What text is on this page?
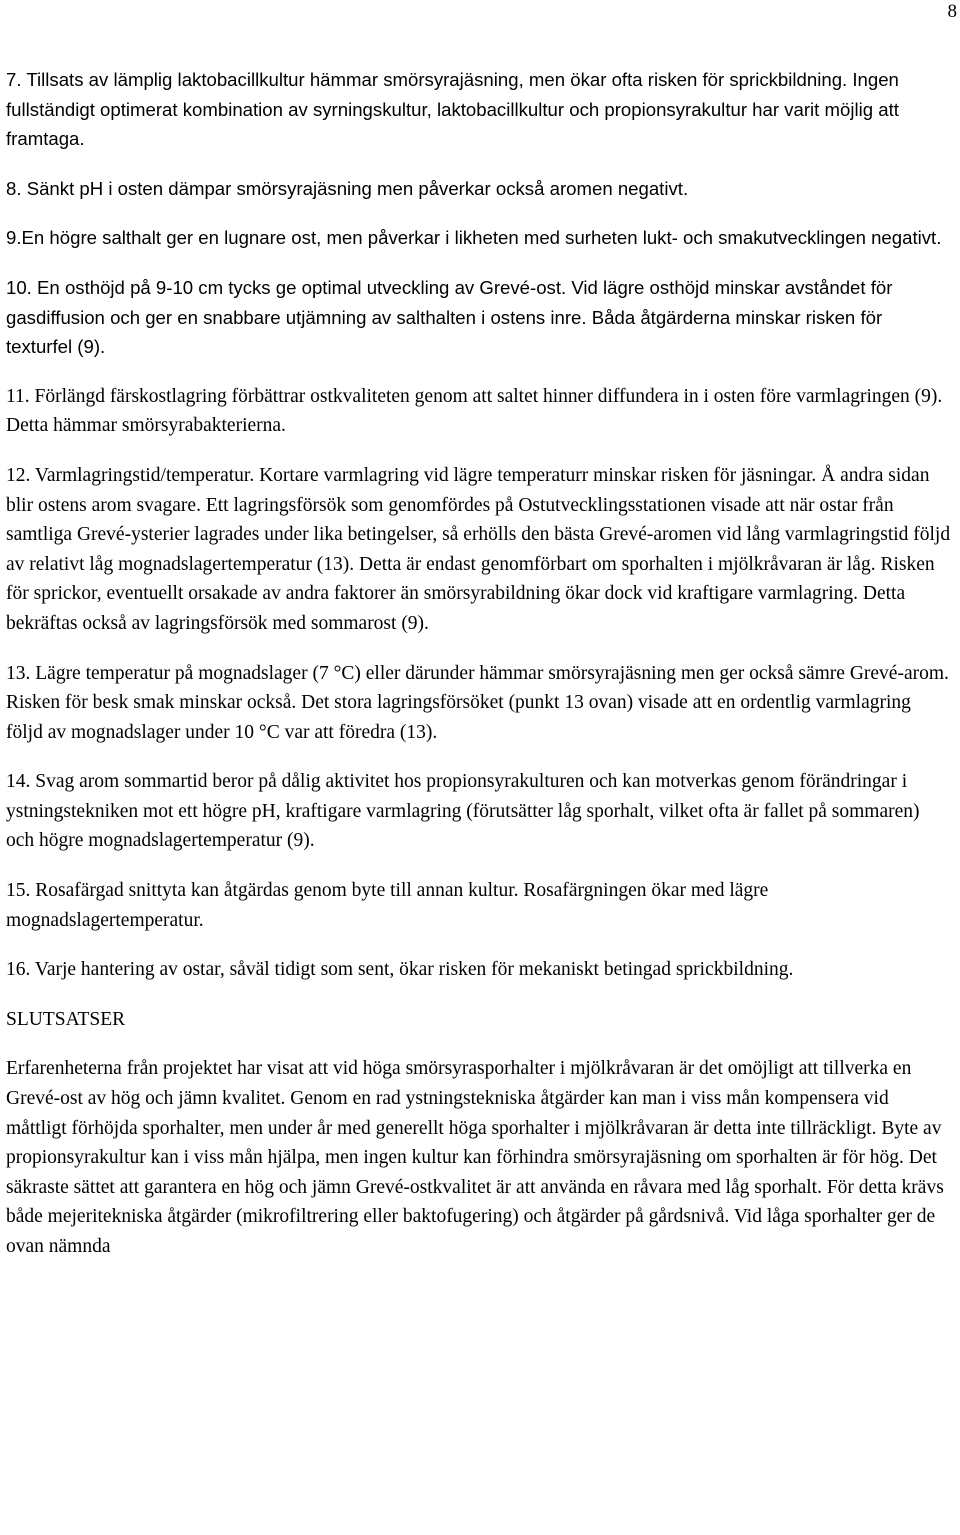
8

7. Tillsats av lämplig laktobacillkultur hämmar smörsyrajäsning, men ökar ofta risken för sprickbildning. Ingen fullständigt optimerat kombination av syrningskultur, laktobacillkultur och propionsyrakultur har varit möjlig att framtaga.

8. Sänkt pH i osten dämpar smörsyrajäsning men påverkar också aromen negativt.

9.En högre salthalt ger en lugnare ost, men påverkar i likheten med surheten lukt- och smakutvecklingen negativt.

10. En osthöjd på 9-10 cm tycks ge optimal utveckling av Grevé-ost. Vid lägre osthöjd minskar avståndet för gasdiffusion och ger en snabbare utjämning av salthalten i ostens inre. Båda åtgärderna minskar risken för texturfel (9).

11. Förlängd färskostlagring förbättrar ostkvaliteten genom att saltet hinner diffundera in i osten före varmlagringen (9). Detta hämmar smörsyrabakterierna.

12. Varmlagringstid/temperatur. Kortare varmlagring vid lägre temperaturr minskar risken för jäsningar. Å andra sidan blir ostens arom svagare. Ett lagringsförsök som genomfördes på Ostutvecklingsstationen visade att när ostar från samtliga Grevé-ysterier lagrades under lika betingelser, så erhölls den bästa Grevé-aromen vid lång varmlagringstid följd av relativt låg mognadslagertemperatur (13). Detta är endast genomförbart om sporhalten i mjölkråvaran är låg. Risken för sprickor, eventuellt orsakade av andra faktorer än smörsyrabildning ökar dock vid kraftigare varmlagring. Detta bekräftas också av lagringsförsök med sommarost (9).

13. Lägre temperatur på mognadslager (7 °C) eller därunder hämmar smörsyrajäsning men ger också sämre Grevé-arom. Risken för besk smak minskar också. Det stora lagringsförsöket (punkt 13 ovan) visade att en ordentlig varmlagring följd av mognadslager under 10 °C var att föredra (13).

14. Svag arom sommartid beror på dålig aktivitet hos propionsyrakulturen och kan motverkas genom förändringar i ystningstekniken mot ett högre pH, kraftigare varmlagring (förutsätter låg sporhalt, vilket ofta är fallet på sommaren) och högre mognadslagertemperatur (9).

15. Rosafärgad snittyta kan åtgärdas genom byte till annan kultur. Rosafärgningen ökar med lägre mognadslagertemperatur.

16. Varje hantering av ostar, såväl tidigt som sent, ökar risken för mekaniskt betingad sprickbildning.

SLUTSATSER

Erfarenheterna från projektet har visat att vid höga smörsyrasporhalter i mjölkråvaran är det omöjligt att tillverka en Grevé-ost av hög och jämn kvalitet. Genom en rad ystningstekniska åtgärder kan man i viss mån kompensera vid måttligt förhöjda sporhalter, men under år med generellt höga sporhalter i mjölkråvaran är detta inte tillräckligt. Byte av propionsyrakultur kan i viss mån hjälpa, men ingen kultur kan förhindra smörsyrajäsning om sporhalten är för hög. Det säkraste sättet att garantera en hög och jämn Grevé-ostkvalitet är att använda en råvara med låg sporhalt. För detta krävs både mejeritekniska åtgärder (mikrofiltrering eller baktofugering) och åtgärder på gårdsnivå. Vid låga sporhalter ger de ovan nämnda
